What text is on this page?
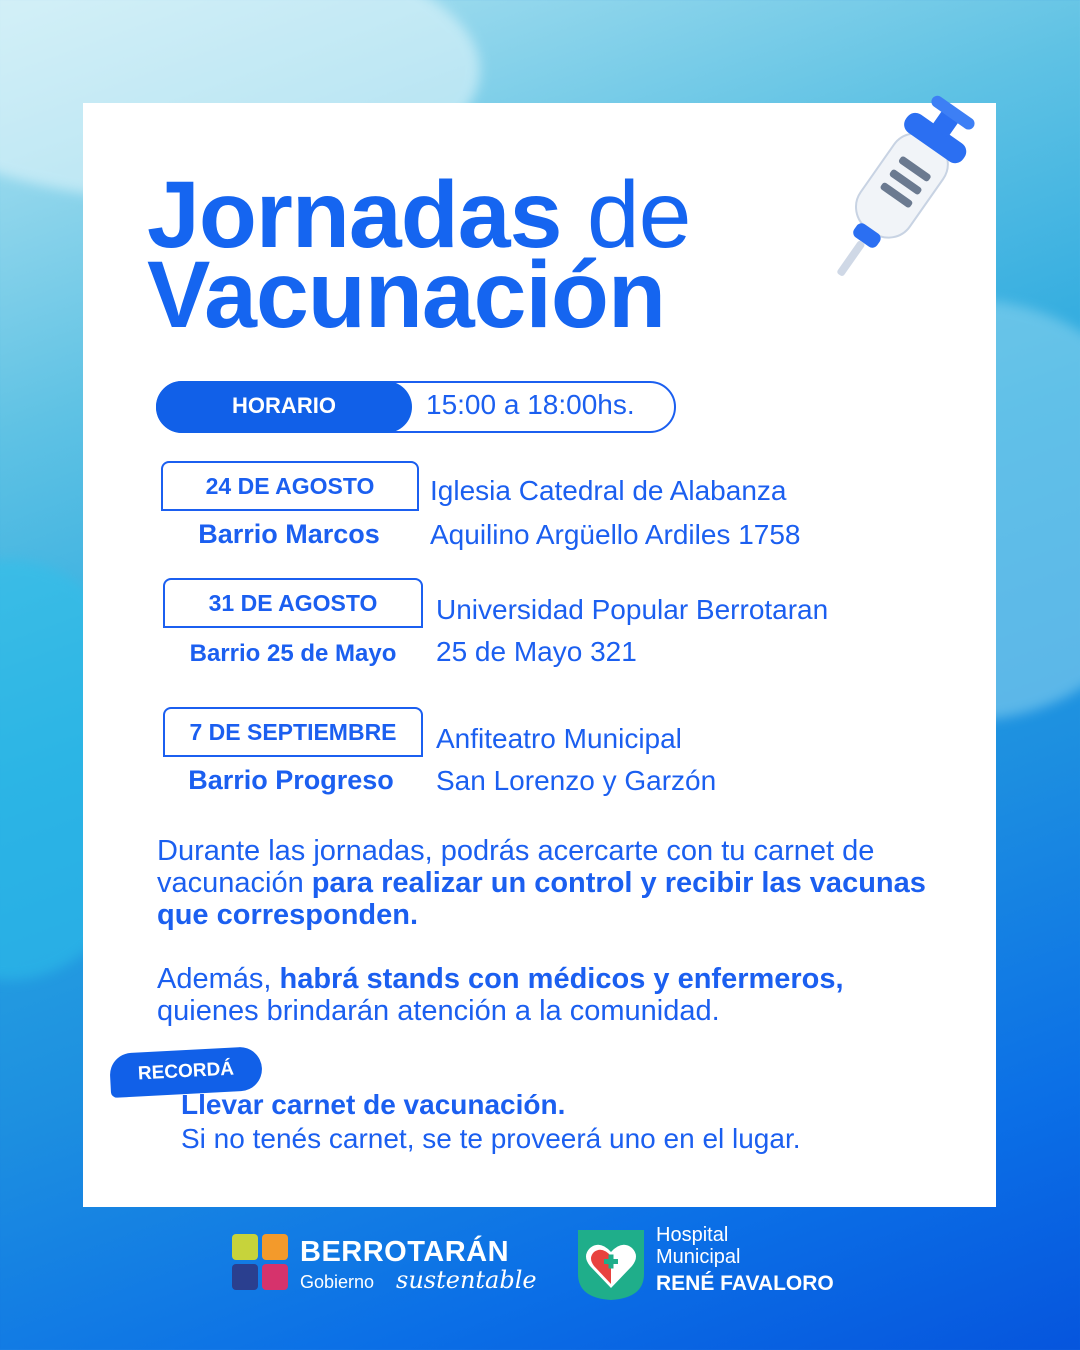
Jornadas de
Vacunación
HORARIO	15:00 a 18:00hs.
24 DE AGOSTO
Barrio Marcos
Iglesia Catedral de Alabanza
Aquilino Argüello Ardiles 1758
31 DE AGOSTO
Barrio 25 de Mayo
Universidad Popular Berrotaran
25 de Mayo 321
7 DE SEPTIEMBRE
Barrio Progreso
Anfiteatro Municipal
San Lorenzo y Garzón

Durante las jornadas, podrás acercarte con tu carnet de vacunación para realizar un control y recibir las vacunas que corresponden.

Además, habrá stands con médicos y enfermeros, quienes brindarán atención a la comunidad.

RECORDÁ
Llevar carnet de vacunación.
Si no tenés carnet, se te proveerá uno en el lugar.
BERROTARÁN
Gobierno sustentable
Hospital
Municipal
RENÉ FAVALORO
